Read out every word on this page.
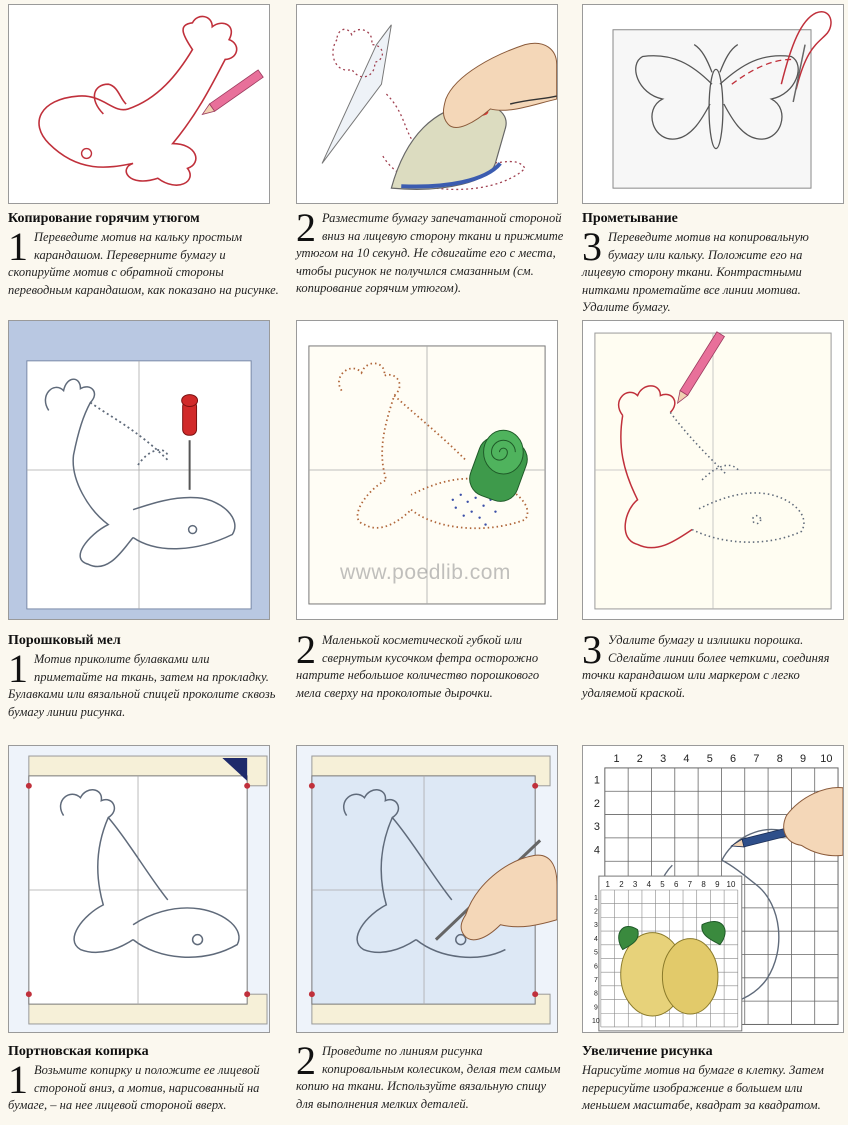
Копирование горячим утюгом
1 Переведите мотив на кальку простым карандашом. Переверните бумагу и скопируйте мотив с обратной стороны переводным карандашом, как показано на рисунке.
2 Разместите бумагу запечатанной стороной вниз на лицевую сторону ткани и прижмите утюгом на 10 секунд. Не сдвигайте его с места, чтобы рисунок не получился смазанным (см. копирование горячим утюгом).
Прометывание
3 Переведите мотив на копировальную бумагу или кальку. Положите его на лицевую сторону ткани. Контрастными нитками прометайте все линии мотива. Удалите бумагу.
www.poedlib.com
Порошковый мел
1 Мотив приколите булавками или приметайте на ткань, затем на прокладку. Булавками или вязальной спицей проколите сквозь бумагу линии рисунка.
2 Маленькой косметической губкой или свернутым кусочком фетра осторожно натрите небольшое количество порошкового мела сверху на проколотые дырочки.
3 Удалите бумагу и излишки порошка. Сделайте линии более четкими, соединяя точки карандашом или маркером с легко удаляемой краской.
1 2 3 4 5 6 7 8 9 10
1
2
3
4
1 2 3 4 5 6 7 8 9 10
1
2
3
4
5
6
7
8
9
10
Портновская копирка
1 Возьмите копирку и положите ее лицевой стороной вниз, а мотив, нарисованный на бумаге, – на нее лицевой стороной вверх.
2 Проведите по линиям рисунка копировальным колесиком, делая тем самым копию на ткани. Используйте вязальную спицу для выполнения мелких деталей.
Увеличение рисунка
Нарисуйте мотив на бумаге в клетку. Затем перерисуйте изображение в большем или меньшем масштабе, квадрат за квадратом.
